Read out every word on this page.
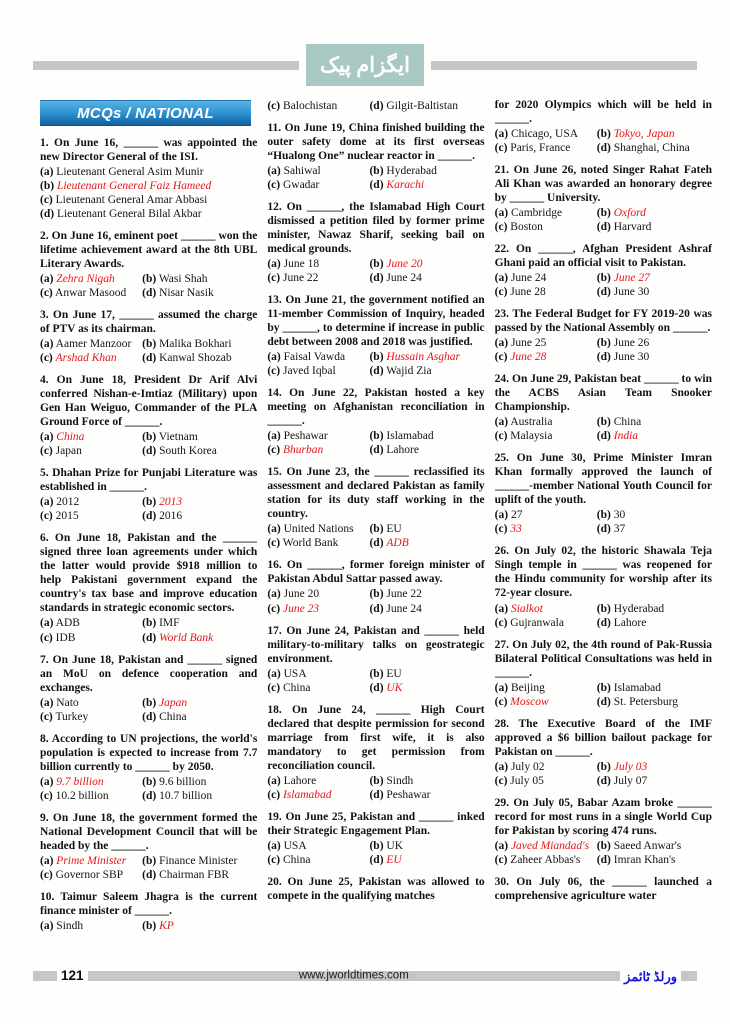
ایگزام پیک
MCQs / NATIONAL
1. On June 16, ______ was appointed the new Director General of the ISI.
(a) Lieutenant General Asim Munir
(b) Lieutenant General Faiz Hameed
(c) Lieutenant General Amar Abbasi
(d) Lieutenant General Bilal Akbar
2. On June 16, eminent poet ______ won the lifetime achievement award at the 8th UBL Literary Awards.
(a) Zehra Nigah	(b) Wasi Shah
(c) Anwar Masood	(d) Nisar Nasik
3. On June 17, ______ assumed the charge of PTV as its chairman.
(a) Aamer Manzoor (b) Malika Bokhari
(c) Arshad Khan	(d) Kanwal Shozab
4. On June 18, President Dr Arif Alvi conferred Nishan-e-Imtiaz (Military) upon Gen Han Weiguo, Commander of the PLA Ground Force of ______.
(a) China	(b) Vietnam
(c) Japan	(d) South Korea
5. Dhahan Prize for Punjabi Literature was established in ______.
(a) 2012	(b) 2013
(c) 2015	(d) 2016
6. On June 18, Pakistan and the ______ signed three loan agreements under which the latter would provide $918 million to help Pakistani government expand the country's tax base and improve education standards in strategic economic sectors.
(a) ADB	(b) IMF
(c) IDB	(d) World Bank
7. On June 18, Pakistan and ______ signed an MoU on defence cooperation and exchanges.
(a) Nato	(b) Japan
(c) Turkey	(d) China
8. According to UN projections, the world's population is expected to increase from 7.7 billion currently to ______ by 2050.
(a) 9.7 billion	(b) 9.6 billion
(c) 10.2 billion	(d) 10.7 billion
9. On June 18, the government formed the National Development Council that will be headed by the ______.
(a) Prime Minister	(b) Finance Minister
(c) Governor SBP	(d) Chairman FBR
10. Taimur Saleem Jhagra is the current finance minister of ______.
(a) Sindh	(b) KP
(c) Balochistan	(d) Gilgit-Baltistan
11. On June 19, China finished building the outer safety dome at its first overseas “Hualong One” nuclear reactor in ______.
(a) Sahiwal	(b) Hyderabad
(c) Gwadar	(d) Karachi
12. On ______, the Islamabad High Court dismissed a petition filed by former prime minister, Nawaz Sharif, seeking bail on medical grounds.
(a) June 18	(b) June 20
(c) June 22	(d) June 24
13. On June 21, the government notified an 11-member Commission of Inquiry, headed by ______, to determine if increase in public debt between 2008 and 2018 was justified.
(a) Faisal Vawda	(b) Hussain Asghar
(c) Javed Iqbal	(d) Wajid Zia
14. On June 22, Pakistan hosted a key meeting on Afghanistan reconciliation in ______.
(a) Peshawar	(b) Islamabad
(c) Bhurban	(d) Lahore
15. On June 23, the ______ reclassified its assessment and declared Pakistan as family station for its duty staff working in the country.
(a) United Nations	(b) EU
(c) World Bank	(d) ADB
16. On ______, former foreign minister of Pakistan Abdul Sattar passed away.
(a) June 20	(b) June 22
(c) June 23	(d) June 24
17. On June 24, Pakistan and ______ held military-to-military talks on geostrategic environment.
(a) USA	(b) EU
(c) China	(d) UK
18. On June 24, ______ High Court declared that despite permission for second marriage from first wife, it is also mandatory to get permission from reconciliation council.
(a) Lahore	(b) Sindh
(c) Islamabad	(d) Peshawar
19. On June 25, Pakistan and ______ inked their Strategic Engagement Plan.
(a) USA	(b) UK
(c) China	(d) EU
20. On June 25, Pakistan was allowed to compete in the qualifying matches
for 2020 Olympics which will be held in ______.
(a) Chicago, USA	(b) Tokyo, Japan
(c) Paris, France	(d) Shanghai, China
21. On June 26, noted Singer Rahat Fateh Ali Khan was awarded an honorary degree by ______ University.
(a) Cambridge	(b) Oxford
(c) Boston	(d) Harvard
22. On ______, Afghan President Ashraf Ghani paid an official visit to Pakistan.
(a) June 24	(b) June 27
(c) June 28	(d) June 30
23. The Federal Budget for FY 2019-20 was passed by the National Assembly on ______.
(a) June 25	(b) June 26
(c) June 28	(d) June 30
24. On June 29, Pakistan beat ______ to win the ACBS Asian Team Snooker Championship.
(a) Australia	(b) China
(c) Malaysia	(d) India
25. On June 30, Prime Minister Imran Khan formally approved the launch of ______-member National Youth Council for uplift of the youth.
(a) 27	(b) 30
(c) 33	(d) 37
26. On July 02, the historic Shawala Teja Singh temple in ______ was reopened for the Hindu community for worship after its 72-year closure.
(a) Sialkot	(b) Hyderabad
(c) Gujranwala	(d) Lahore
27. On July 02, the 4th round of Pak-Russia Bilateral Political Consultations was held in ______.
(a) Beijing	(b) Islamabad
(c) Moscow	(d) St. Petersburg
28. The Executive Board of the IMF approved a $6 billion bailout package for Pakistan on ______.
(a) July 02	(b) July 03
(c) July 05	(d) July 07
29. On July 05, Babar Azam broke ______ record for most runs in a single World Cup for Pakistan by scoring 474 runs.
(a) Javed Miandad's (b) Saeed Anwar's
(c) Zaheer Abbas's	(d) Imran Khan's
30. On July 06, the ______ launched a comprehensive agriculture water
121	www.jworldtimes.com	ورلڈ ٹائمز
